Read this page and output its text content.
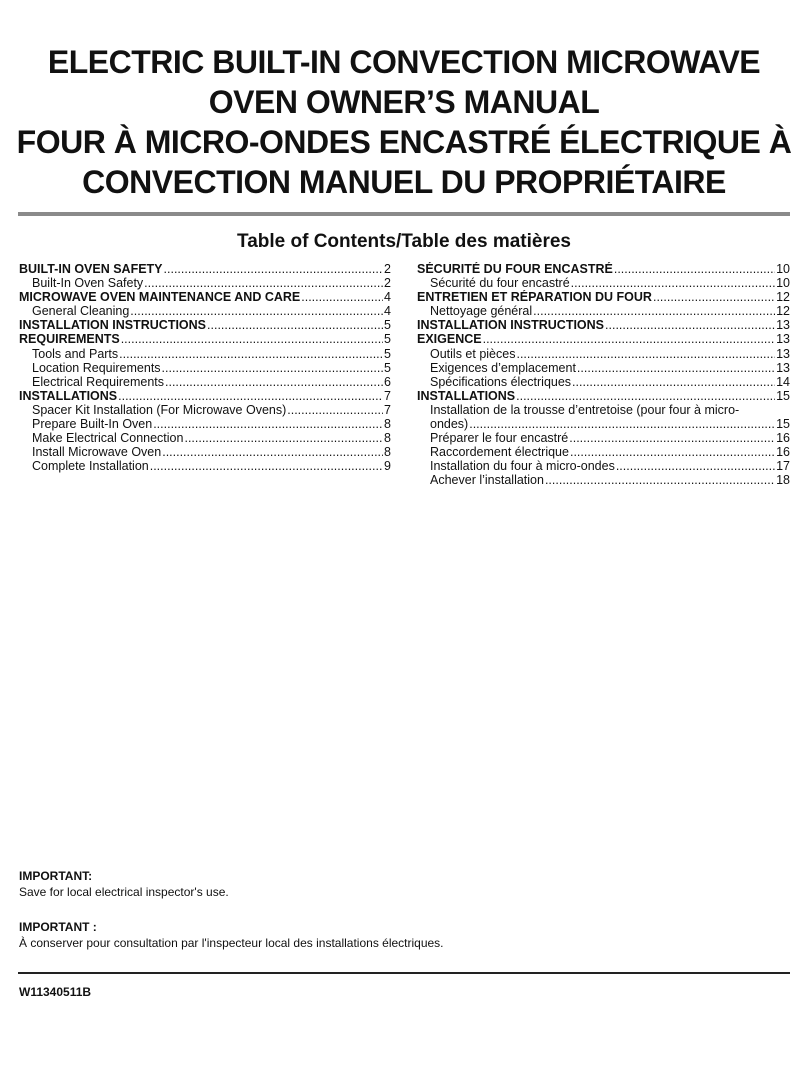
ELECTRIC BUILT-IN CONVECTION MICROWAVE
OVEN OWNER’S MANUAL
FOUR À MICRO-ONDES ENCASTRÉ ÉLECTRIQUE À
CONVECTION MANUEL DU PROPRIÉTAIRE
Table of Contents/Table des matières
BUILT-IN OVEN SAFETY .....	2
Built-In Oven Safety .....	2
MICROWAVE OVEN MAINTENANCE AND CARE .....	4
General Cleaning .....	4
INSTALLATION INSTRUCTIONS .....	5
REQUIREMENTS .....	5
Tools and Parts .....	5
Location Requirements .....	5
Electrical Requirements .....	6
INSTALLATIONS .....	7
Spacer Kit Installation (For Microwave Ovens) .....	7
Prepare Built-In Oven .....	8
Make Electrical Connection .....	8
Install Microwave Oven .....	8
Complete Installation .....	9
SÉCURITÉ DU FOUR ENCASTRÉ .....	10
Sécurité du four encastré .....	10
ENTRETIEN ET RÉPARATION DU FOUR .....	12
Nettoyage général .....	12
INSTALLATION INSTRUCTIONS .....	13
EXIGENCE .....	13
Outils et pièces .....	13
Exigences d’emplacement .....	13
Spécifications électriques .....	14
INSTALLATIONS .....	15
Installation de la trousse d’entretoise (pour four à micro-
ondes) .....	15
Préparer le four encastré .....	16
Raccordement électrique .....	16
Installation du four à micro-ondes .....	17
Achever l’installation .....	18
IMPORTANT:
Save for local electrical inspector's use.
IMPORTANT :
À conserver pour consultation par l'inspecteur local des installations électriques.
W11340511B
